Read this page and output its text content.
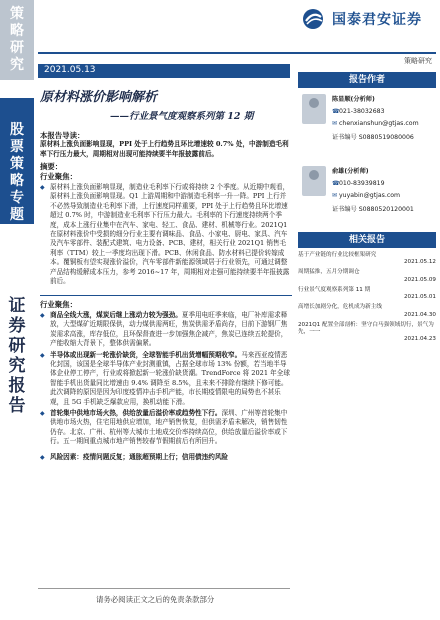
策
略
研
究
股
票
策
略
专
题
证
券
研
究
报
告
国泰君安证券
策略研究
2021.05.13
原材料涨价影响解析
——行业景气度观察系列第 12 期
本报告导读：
原材料上涨负面影响显现，PPI 处于上行趋势且环比增速较 0.7% 处，中游制造毛利率下行压力最大，周期相对出现可能持续要半年报披露前后。
摘要：
行业聚焦：
◆ 原材料上涨负面影响显现，制造业毛利率下行或将持续 2 个季度。从近期中观看，原材料上涨负面影响显现。Q1 上游周期和中游制造毛利率一升一降。PPI 上行并不必然导致制造业毛利率下滑，上行速度同样重要，PPI 处于上行趋势且环比增速超过 0.7% 时，中游制造业毛利率下行压力最大。毛利率的下行速度持续两个季度，成本上涨行业集中在汽车、家电、轻工、食品、建材、机械等行业。2021Q1 在原材料涨价中受损的细分行业主要有调味品、食品、小家电、厨电、家具、汽车及汽车零部件、装配式建筑、电力设备、PCB、建材，相关行业 2021Q1 销售毛利率（TTM）较上一季度均出现下滑。PCB、休闲食品、防水材料已提价转嫁成本。覆铜板有望实现涨价溢价，汽车零部件新能源领域居于行业领先，可通过调整产品结构缓解成本压力，参考 2016~17 年，周期相对走强可能持续要半年报披露前后。
行业聚焦：
◆ 商品全线大涨，煤炭后继上涨动力较为强劲。夏季用电旺季来临，电厂补库需求释放，大型煤矿近期限保供，动力煤供需两旺，焦炭供需矛盾尚存，目前下游钢厂焦炭需求高涨，库存低位，且环保督查进一步加强焦企减产，焦炭已连续五轮提价，产能收缩大背景下，整体供需偏紧。
◆ 半导体或出现新一轮涨价缺货，全球智能手机出货增幅预期收窄。马来西亚疫情恶化封国，该国是全球半导体产业封测重镇，占据全球市场 13% 份额，若当地半导体企业停工停产，行业或将掀起新一轮涨价缺货潮。TrendForce 将 2021 年全球智能手机出货量同比增速由 9.4% 调降至 8.5%，且未来不排除有继续下修可能。此次调降的原因是因为印度疫情冲击手机产能，市长期疫情限电的局势也不甚乐观，且 5G 手机缺乏爆款应用，换机动能下滑。
◆ 首轮集中供地市场火热，供给放量后溢价率或趋势性下行。深圳、广州等首轮集中供地市场火热，住宅用地供应增加，地产销售恢复，但供需矛盾未解决，销售韧性仍存。北京、广州、杭州等大城市土地成交价率持续高位，供给放量后溢价率或下行。五一期间重点城市地产销售较春节假期前后有所回升。
◆ 风险因素：疫情问题反复；通胀超预期上行；信用债违约风险
请务必阅读正文之后的免责条款部分
报告作者
陈显顺(分析师)
☎021-38032683
✉ chenxianshun@gtjas.com
证书编号 S0880519080006
俞雄(分析师)
☎010-83939819
✉ yuyabin@gtjas.com
证书编号 S0880520120001
相关报告
基于产业链的行业比较框架研究
2021.05.12
周期猛推，五月分期调仓
2021.05.09
行业景气度观察系列第 11 期
2021.05.01
高增长加剧分化，危机成为新主线
2021.04.30
2021Q1 配置全部剖析：坚守白马强领域切行，景气为先，一一
2021.04.23
